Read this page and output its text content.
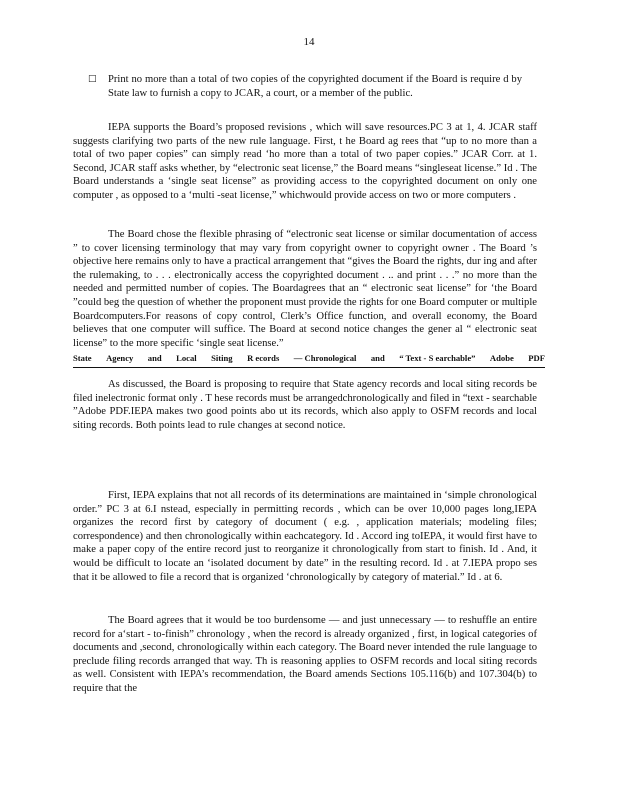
14
□ Print no more than a total of two copies of the copyrighted document if the Board is require d by State law to furnish a copy to JCAR, a court, or a member of the public.

IEPA supports the Board’s proposed revisions , which will save resources.PC 3 at 1, 4. JCAR staff suggests clarifying two parts of the new rule language. First, t he Board ag rees that “up to no more than a total of two paper copies” can simply read ‘ho more than a total of two paper copies.” JCAR Corr. at 1. Second, JCAR staff asks whether, by “electronic seat license,” the Board means “singleseat license.” Id . The Board understands a ‘single seat license” as providing access to the copyrighted document on only one computer , as opposed to a ‘multi -seat license,” whichwould provide access on two or more computers .

The Board chose the flexible phrasing of “electronic seat license or similar documentation of access ” to cover licensing terminology that may vary from copyright owner to copyright owner . The Board ’s objective here remains only to have a practical arrangement that “gives the Board the rights, dur ing and after the rulemaking, to . . . electronically access the copyrighted document . .. and print . . .” no more than the needed and permitted number of copies. The Boardagrees that an “ electronic seat license” for ‘the Board ”could beg the question of whether the proponent must provide the rights for one Board computer or multiple Boardcomputers.For reasons of copy control, Clerk’s Office function, and overall economy, the Board believes that one computer will suffice. The Board at second notice changes the gener al “ electronic seat license” to the more specific ‘single seat license.”

State Agency and Local Siting R ecords — Chronological and “ Text - S earchable” Adobe PDF

As discussed, the Board is proposing to require that State agency records and local siting records be filed inelectronic format only . T hese records must be arrangedchronologically and filed in “text - searchable ”Adobe PDF.IEPA makes two good points abo ut its records, which also apply to OSFM records and local siting records. Both points lead to rule changes at second notice.

First, IEPA explains that not all records of its determinations are maintained in ‘simple chronological order.” PC 3 at 6.I nstead, especially in permitting records , which can be over 10,000 pages long,IEPA organizes the record first by category of document ( e.g. , application materials; modeling files; correspondence) and then chronologically within eachcategory. Id . Accord ing toIEPA, it would first have to make a paper copy of the entire record just to reorganize it chronologically from start to finish. Id . And, it would be difficult to locate an ‘isolated document by date” in the resulting record. Id . at 7.IEPA propo ses that it be allowed to file a record that is organized ‘chronologically by category of material.” Id . at 6.

The Board agrees that it would be too burdensome — and just unnecessary — to reshuffle an entire record for a‘start - to-finish” chronology , when the record is already organized , first, in logical categories of documents and ,second, chronologically within each category. The Board never intended the rule language to preclude filing records arranged that way. Th is reasoning applies to OSFM records and local siting records as well. Consistent with IEPA’s recommendation, the Board amends Sections 105.116(b) and 107.304(b) to require that the
